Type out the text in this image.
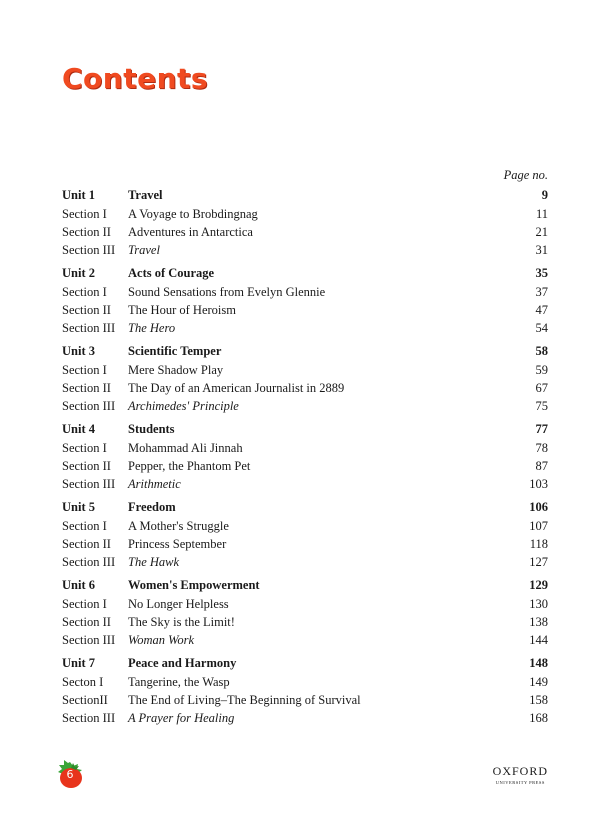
Contents
Page no.
Unit 1	Travel	9
Section I	A Voyage to Brobdingnag	11
Section II	Adventures in Antarctica	21
Section III	Travel	31
Unit 2	Acts of Courage	35
Section I	Sound Sensations from Evelyn Glennie	37
Section II	The Hour of Heroism	47
Section III	The Hero	54
Unit 3	Scientific Temper	58
Section I	Mere Shadow Play	59
Section II	The Day of an American Journalist in 2889	67
Section III	Archimedes' Principle	75
Unit 4	Students	77
Section I	Mohammad Ali Jinnah	78
Section II	Pepper, the Phantom Pet	87
Section III	Arithmetic	103
Unit 5	Freedom	106
Section I	A Mother's Struggle	107
Section II	Princess September	118
Section III	The Hawk	127
Unit 6	Women's Empowerment	129
Section I	No Longer Helpless	130
Section II	The Sky is the Limit!	138
Section III	Woman Work	144
Unit 7	Peace and Harmony	148
Secton I	Tangerine, the Wasp	149
SectionII	The End of Living–The Beginning of Survival	158
Section III	A Prayer for Healing	168
6	OXFORD
UNIVERSITY PRESS
